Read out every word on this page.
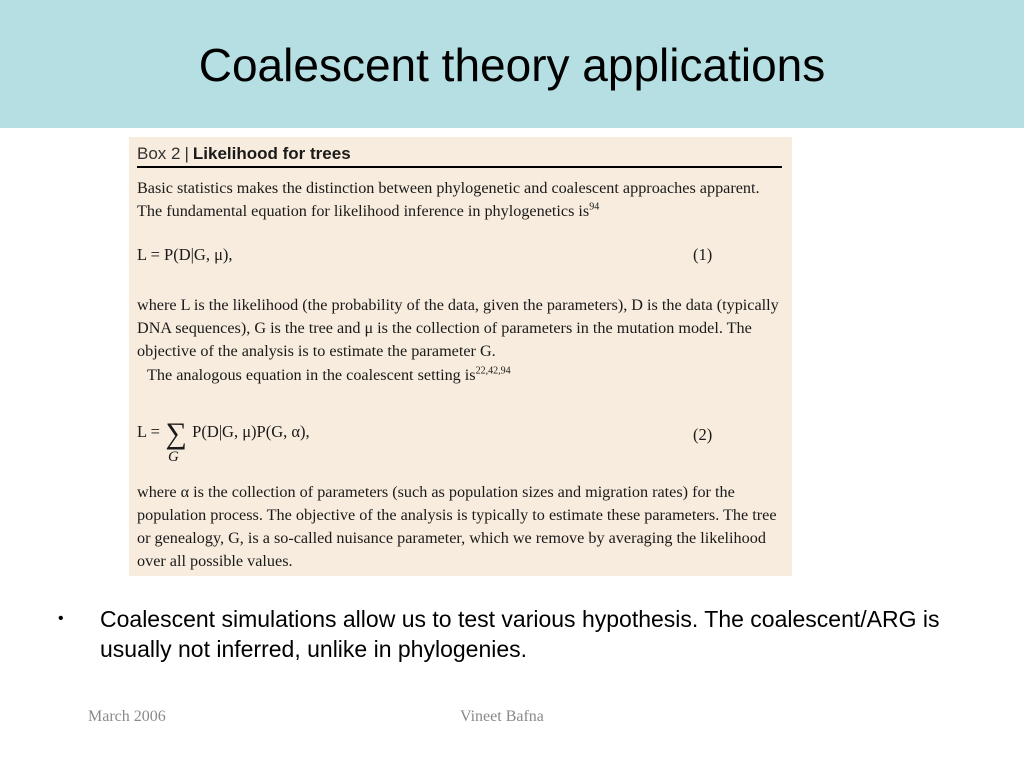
Coalescent theory applications
Box 2 | Likelihood for trees

Basic statistics makes the distinction between phylogenetic and coalescent approaches apparent. The fundamental equation for likelihood inference in phylogenetics $is^{94}$

L = P(D|G, μ),	(1)

where L is the likelihood (the probability of the data, given the parameters), D is the data (typically DNA sequences), G is the tree and μ is the collection of parameters in the mutation model. The objective of the analysis is to estimate the parameter G.

The analogous equation in the coalescent setting is$^{22,42,94}$

L = ∑
G
P(D|G, μ)P(G, α),	(2)

where α is the collection of parameters (such as population sizes and migration rates) for the population process. The objective of the analysis is typically to estimate these parameters. The tree or genealogy, G, is a so-called nuisance parameter, which we remove by averaging the likelihood over all possible values.

• Coalescent simulations allow us to test various hypothesis. The coalescent/ARG is usually not inferred, unlike in phylogenies.
March 2006	Vineet Bafna
